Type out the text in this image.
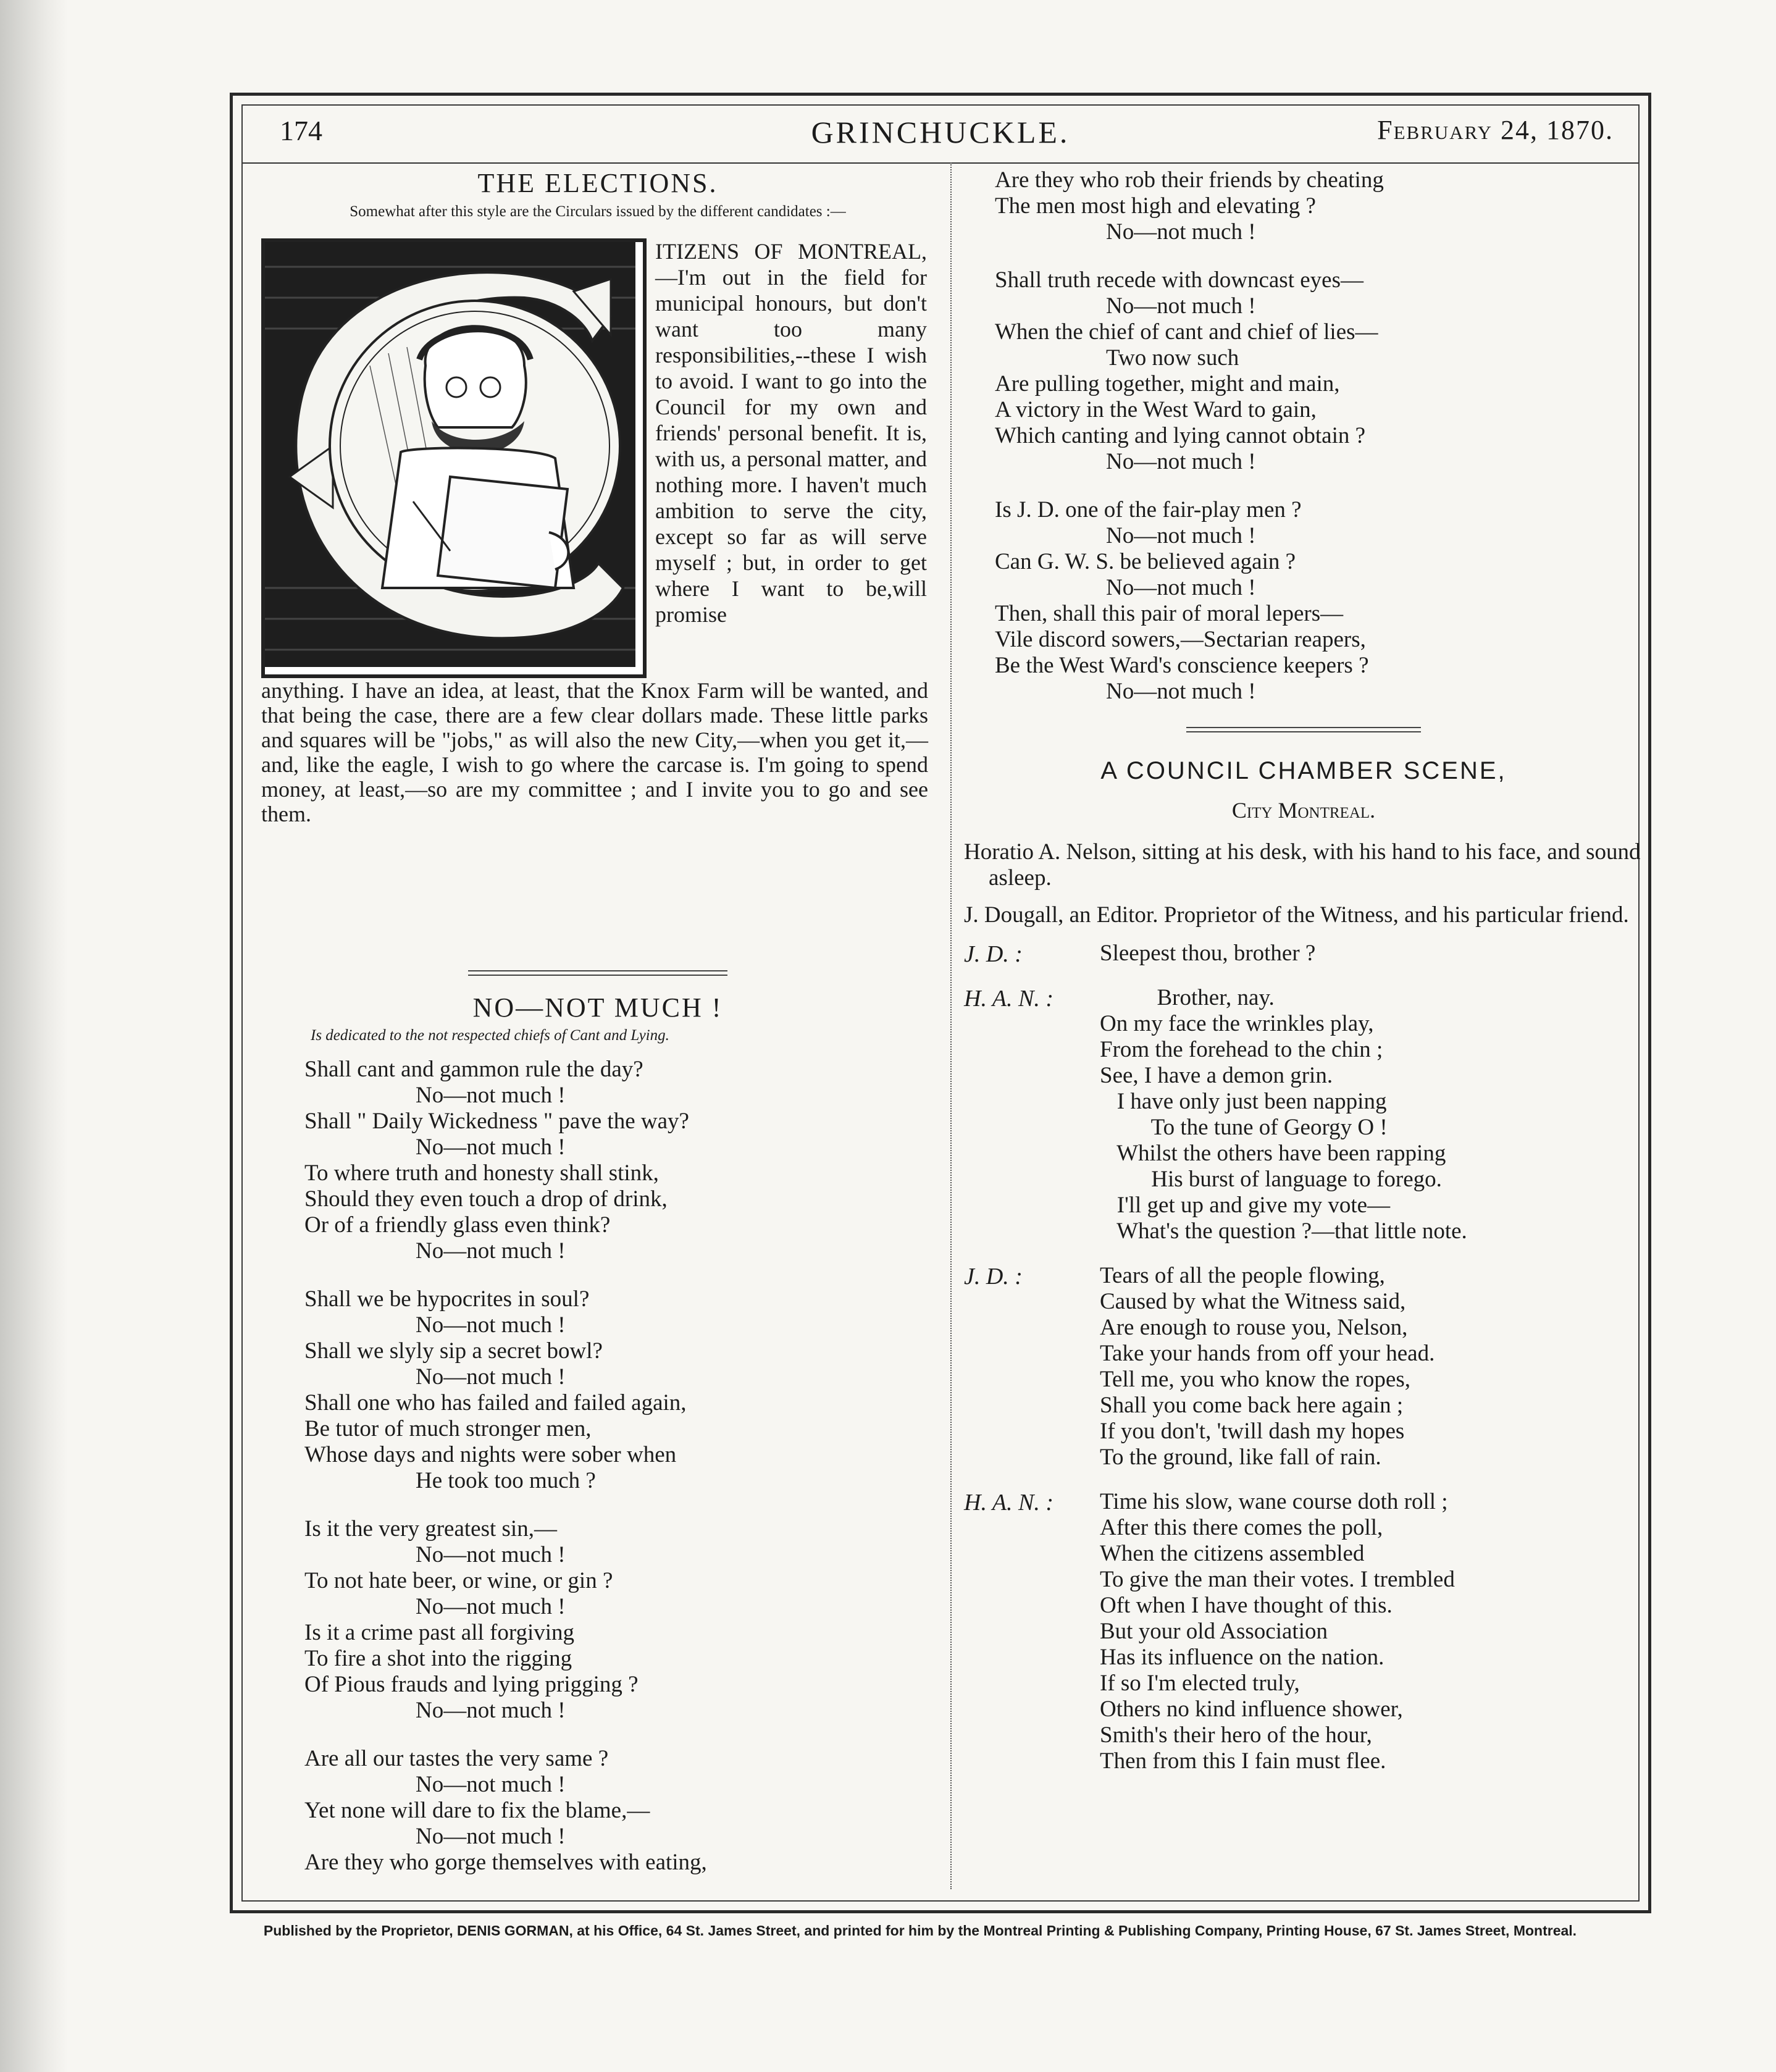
174	GRINCHUCKLE.	February 24, 1870.
THE ELECTIONS.
Somewhat after this style are the Circulars issued by the different candidates :—
ITIZENS OF MONTREAL, —I'm out in the field for municipal honours, but don't want too many responsibilities,--these I wish to avoid. I want to go into the Council for my own and friends' personal benefit. It is, with us, a personal matter, and nothing more. I haven't much ambition to serve the city, except so far as will serve myself ; but, in order to get where I want to be,will promise

anything. I have an idea, at least, that the Knox Farm will be wanted, and that being the case, there are a few clear dollars made. These little parks and squares will be "jobs," as will also the new City,—when you get it,— and, like the eagle, I wish to go where the carcase is. I'm going to spend money, at least,—so are my committee ; and I invite you to go and see them.

NO—NOT MUCH !
Is dedicated to the not respected chiefs of Cant and Lying.
Shall cant and gammon rule the day?
No—not much !
Shall " Daily Wickedness " pave the way?
No—not much !
To where truth and honesty shall stink,
Should they even touch a drop of drink,
Or of a friendly glass even think?
No—not much !
Shall we be hypocrites in soul?
No—not much !
Shall we slyly sip a secret bowl?
No—not much !
Shall one who has failed and failed again,
Be tutor of much stronger men,
Whose days and nights were sober when
He took too much ?
Is it the very greatest sin,—
No—not much !
To not hate beer, or wine, or gin ?
No—not much !
Is it a crime past all forgiving
To fire a shot into the rigging
Of Pious frauds and lying prigging ?
No—not much !
Are all our tastes the very same ?
No—not much !
Yet none will dare to fix the blame,—
No—not much !
Are they who gorge themselves with eating,
Are they who rob their friends by cheating
The men most high and elevating ?
No—not much !
Shall truth recede with downcast eyes—
No—not much !
When the chief of cant and chief of lies—
Two now such
Are pulling together, might and main,
A victory in the West Ward to gain,
Which canting and lying cannot obtain ?
No—not much !
Is J. D. one of the fair-play men ?
No—not much !
Can G. W. S. be believed again ?
No—not much !
Then, shall this pair of moral lepers—
Vile discord sowers,—Sectarian reapers,
Be the West Ward's conscience keepers ?
No—not much !
A COUNCIL CHAMBER SCENE,
City Montreal.
Horatio A. Nelson, sitting at his desk, with his hand to his face, and sound asleep.
J. Dougall, an Editor. Proprietor of the Witness, and his particular friend.
J. D. :	Sleepest thou, brother ?
H. A. N. :	Brother, nay.
On my face the wrinkles play,
From the forehead to the chin ;
See, I have a demon grin.
I have only just been napping
To the tune of Georgy O !
Whilst the others have been rapping
His burst of language to forego.
I'll get up and give my vote—
What's the question ?—that little note.
J. D. :	Tears of all the people flowing,
Caused by what the Witness said,
Are enough to rouse you, Nelson,
Take your hands from off your head.
Tell me, you who know the ropes,
Shall you come back here again ;
If you don't, 'twill dash my hopes
To the ground, like fall of rain.
H. A. N. :	Time his slow, wane course doth roll ;
After this there comes the poll,
When the citizens assembled
To give the man their votes. I trembled
Oft when I have thought of this.
But your old Association
Has its influence on the nation.
If so I'm elected truly,
Others no kind influence shower,
Smith's their hero of the hour,
Then from this I fain must flee.
Published by the Proprietor, DENIS GORMAN, at his Office, 64 St. James Street, and printed for him by the Montreal Printing & Publishing Company, Printing House, 67 St. James Street, Montreal.
